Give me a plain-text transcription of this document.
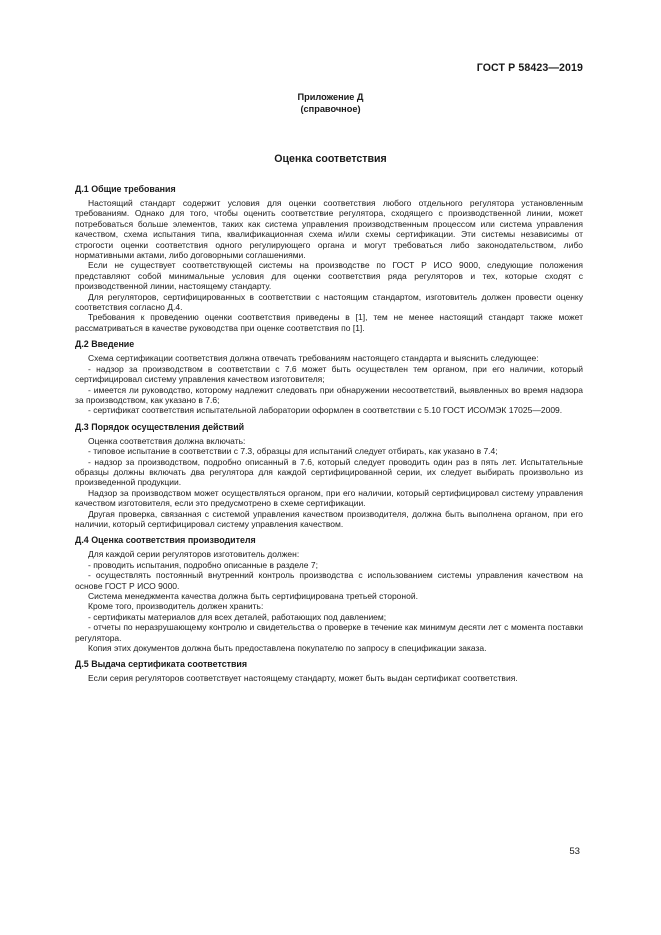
ГОСТ Р 58423—2019
Приложение Д
(справочное)
Оценка соответствия
Д.1 Общие требования

Настоящий стандарт содержит условия для оценки соответствия любого отдельного регулятора установленным требованиям. Однако для того, чтобы оценить соответствие регулятора, сходящего с производственной линии, может потребоваться больше элементов, таких как система управления производственным процессом или система управления качеством, схема испытания типа, квалификационная схема и/или схемы сертификации. Эти системы независимы от строгости оценки соответствия одного регулирующего органа и могут требоваться либо законодательством, либо нормативными актами, либо договорными соглашениями.

Если не существует соответствующей системы на производстве по ГОСТ Р ИСО 9000, следующие положения представляют собой минимальные условия для оценки соответствия ряда регуляторов и тех, которые сходят с производственной линии, настоящему стандарту.

Для регуляторов, сертифицированных в соответствии с настоящим стандартом, изготовитель должен провести оценку соответствия согласно Д.4.

Требования к проведению оценки соответствия приведены в [1], тем не менее настоящий стандарт также может рассматриваться в качестве руководства при оценке соответствия по [1].

Д.2 Введение

Схема сертификации соответствия должна отвечать требованиям настоящего стандарта и выяснить следующее:

- надзор за производством в соответствии с 7.6 может быть осуществлен тем органом, при его наличии, который сертифицировал систему управления качеством изготовителя;

- имеется ли руководство, которому надлежит следовать при обнаружении несоответствий, выявленных во время надзора за производством, как указано в 7.6;

- сертификат соответствия испытательной лаборатории оформлен в соответствии с 5.10 ГОСТ ИСО/МЭК 17025—2009.

Д.3 Порядок осуществления действий

Оценка соответствия должна включать:

- типовое испытание в соответствии с 7.3, образцы для испытаний следует отбирать, как указано в 7.4;

- надзор за производством, подробно описанный в 7.6, который следует проводить один раз в пять лет. Испытательные образцы должны включать два регулятора для каждой сертифицированной серии, их следует выбирать произвольно из произведенной продукции.

Надзор за производством может осуществляться органом, при его наличии, который сертифицировал систему управления качеством изготовителя, если это предусмотрено в схеме сертификации.

Другая проверка, связанная с системой управления качеством производителя, должна быть выполнена органом, при его наличии, который сертифицировал систему управления качеством.

Д.4 Оценка соответствия производителя

Для каждой серии регуляторов изготовитель должен:

- проводить испытания, подробно описанные в разделе 7;

- осуществлять постоянный внутренний контроль производства с использованием системы управления качеством на основе ГОСТ Р ИСО 9000.

Система менеджмента качества должна быть сертифицирована третьей стороной.

Кроме того, производитель должен хранить:

- сертификаты материалов для всех деталей, работающих под давлением;

- отчеты по неразрушающему контролю и свидетельства о проверке в течение как минимум десяти лет с момента поставки регулятора.

Копия этих документов должна быть предоставлена покупателю по запросу в спецификации заказа.

Д.5 Выдача сертификата соответствия

Если серия регуляторов соответствует настоящему стандарту, может быть выдан сертификат соответствия.

53
